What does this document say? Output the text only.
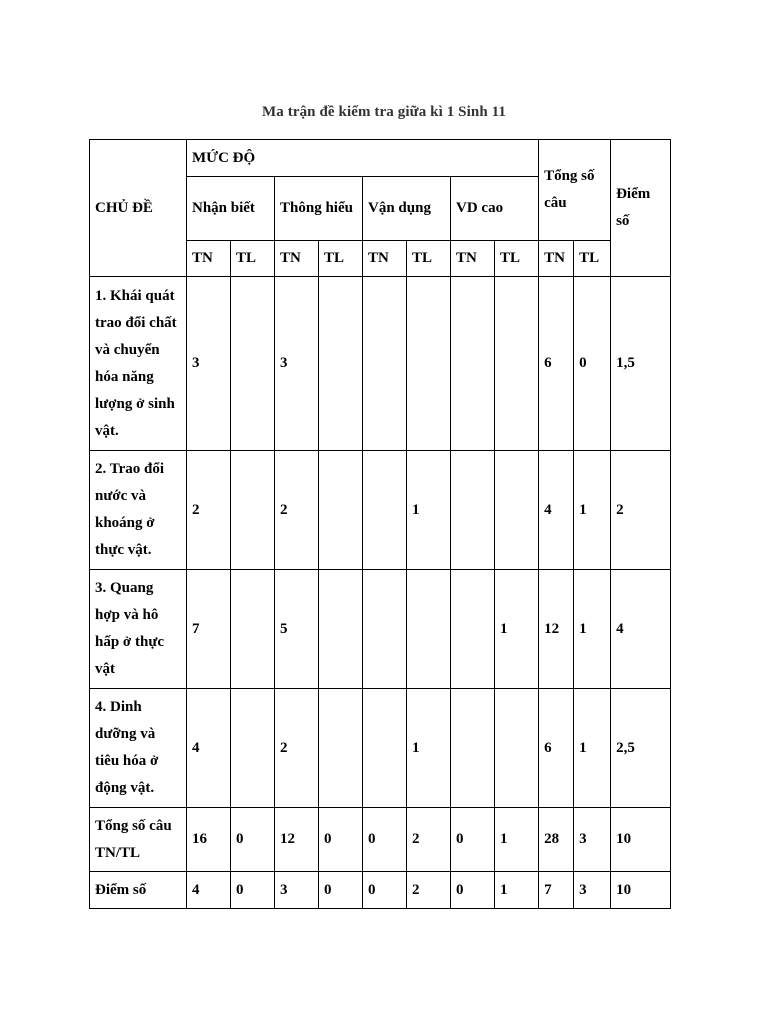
Ma trận đề kiểm tra giữa kì 1 Sinh 11
CHỦ ĐỀ	MỨC ĐỘ								Tổng số câu		Điểm số
	Nhận biết		Thông hiểu		Vận dụng		VD cao				
	TN	TL	TN	TL	TN	TL	TN	TL	TN	TL	
1. Khái quát trao đổi chất và chuyển hóa năng lượng ở sinh vật.	3		3						6	0	1,5
2. Trao đổi nước và khoáng ở thực vật.	2		2			1			4	1	2
3. Quang hợp và hô hấp ở thực vật	7		5					1	12	1	4
4. Dinh dưỡng và tiêu hóa ở động vật.	4		2			1			6	1	2,5
Tổng số câu TN/TL	16	0	12	0	0	2	0	1	28	3	10
Điểm số	4	0	3	0	0	2	0	1	7	3	10
